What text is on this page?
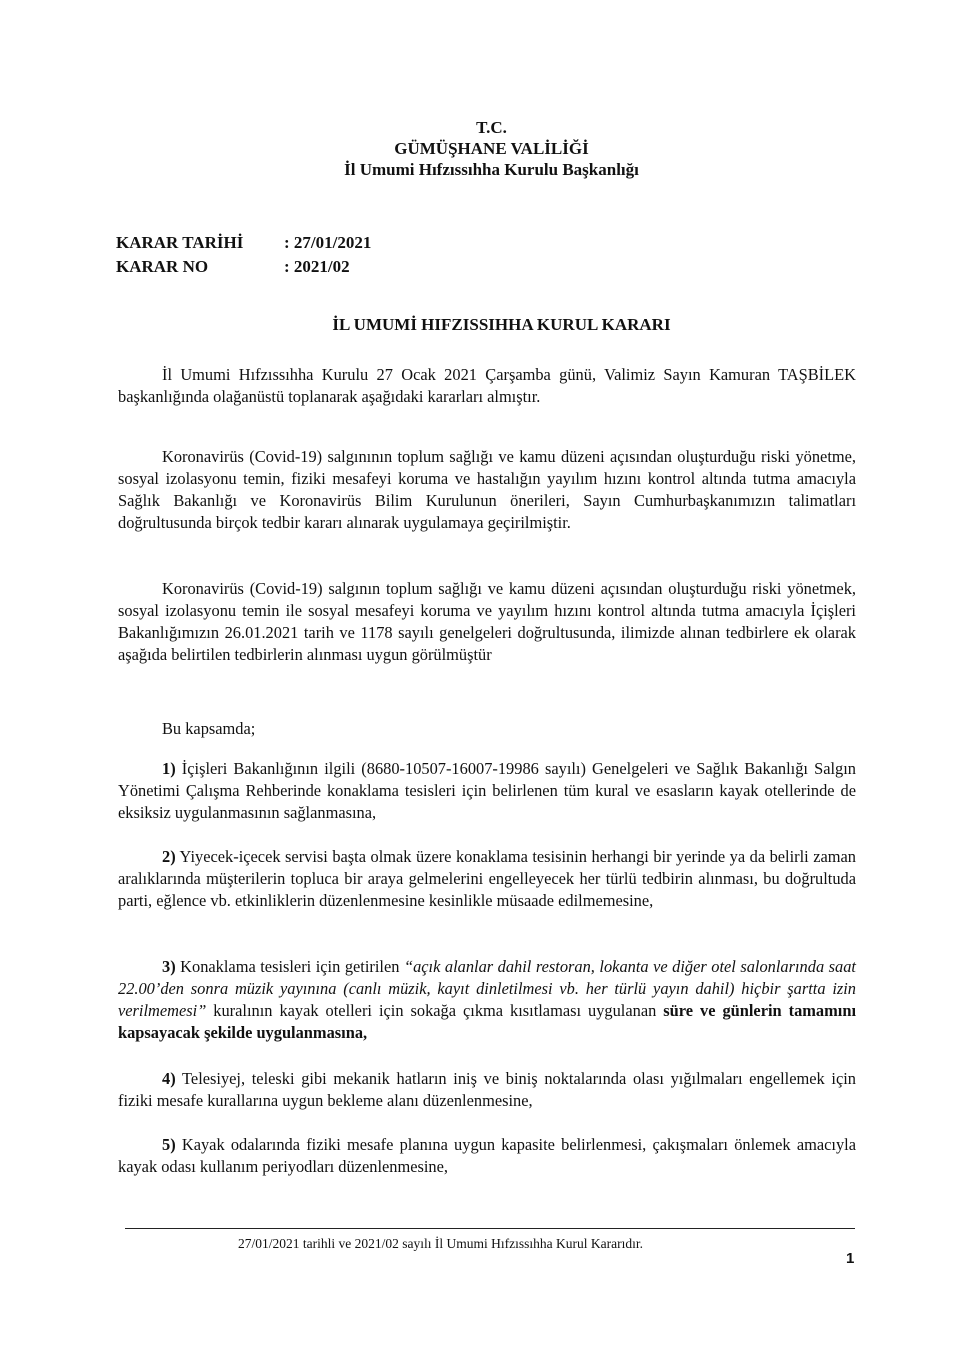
T.C.
GÜMÜŞHANE VALİLİĞİ
İl Umumi Hıfzıssıhha Kurulu Başkanlığı
KARAR TARİHİ	: 27/01/2021
KARAR NO	: 2021/02
İL UMUMİ HIFZISSIHHA KURUL KARARI

İl Umumi Hıfzıssıhha Kurulu 27 Ocak 2021 Çarşamba günü, Valimiz Sayın Kamuran TAŞBİLEK başkanlığında olağanüstü toplanarak aşağıdaki kararları almıştır.

Koronavirüs (Covid-19) salgınının toplum sağlığı ve kamu düzeni açısından oluşturduğu riski yönetme, sosyal izolasyonu temin, fiziki mesafeyi koruma ve hastalığın yayılım hızını kontrol altında tutma amacıyla Sağlık Bakanlığı ve Koronavirüs Bilim Kurulunun önerileri, Sayın Cumhurbaşkanımızın talimatları doğrultusunda birçok tedbir kararı alınarak uygulamaya geçirilmiştir.

Koronavirüs (Covid-19) salgının toplum sağlığı ve kamu düzeni açısından oluşturduğu riski yönetmek, sosyal izolasyonu temin ile sosyal mesafeyi koruma ve yayılım hızını kontrol altında tutma amacıyla İçişleri Bakanlığımızın 26.01.2021 tarih ve 1178 sayılı genelgeleri doğrultusunda, ilimizde alınan tedbirlere ek olarak aşağıda belirtilen tedbirlerin alınması uygun görülmüştür

Bu kapsamda;

1) İçişleri Bakanlığının ilgili (8680-10507-16007-19986 sayılı) Genelgeleri ve Sağlık Bakanlığı Salgın Yönetimi Çalışma Rehberinde konaklama tesisleri için belirlenen tüm kural ve esasların kayak otellerinde de eksiksiz uygulanmasının sağlanmasına,

2) Yiyecek-içecek servisi başta olmak üzere konaklama tesisinin herhangi bir yerinde ya da belirli zaman aralıklarında müşterilerin topluca bir araya gelmelerini engelleyecek her türlü tedbirin alınması, bu doğrultuda parti, eğlence vb. etkinliklerin düzenlenmesine kesinlikle müsaade edilmemesine,

3) Konaklama tesisleri için getirilen “açık alanlar dahil restoran, lokanta ve diğer otel salonlarında saat 22.00’den sonra müzik yayınına (canlı müzik, kayıt dinletilmesi vb. her türlü yayın dahil) hiçbir şartta izin verilmemesi” kuralının kayak otelleri için sokağa çıkma kısıtlaması uygulanan süre ve günlerin tamamını kapsayacak şekilde uygulanmasına,

4) Telesiyej, teleski gibi mekanik hatların iniş ve biniş noktalarında olası yığılmaları engellemek için fiziki mesafe kurallarına uygun bekleme alanı düzenlenmesine,

5) Kayak odalarında fiziki mesafe planına uygun kapasite belirlenmesi, çakışmaları önlemek amacıyla kayak odası kullanım periyodları düzenlenmesine,

27/01/2021 tarihli ve 2021/02 sayılı İl Umumi Hıfzıssıhha Kurul Kararıdır.
1
